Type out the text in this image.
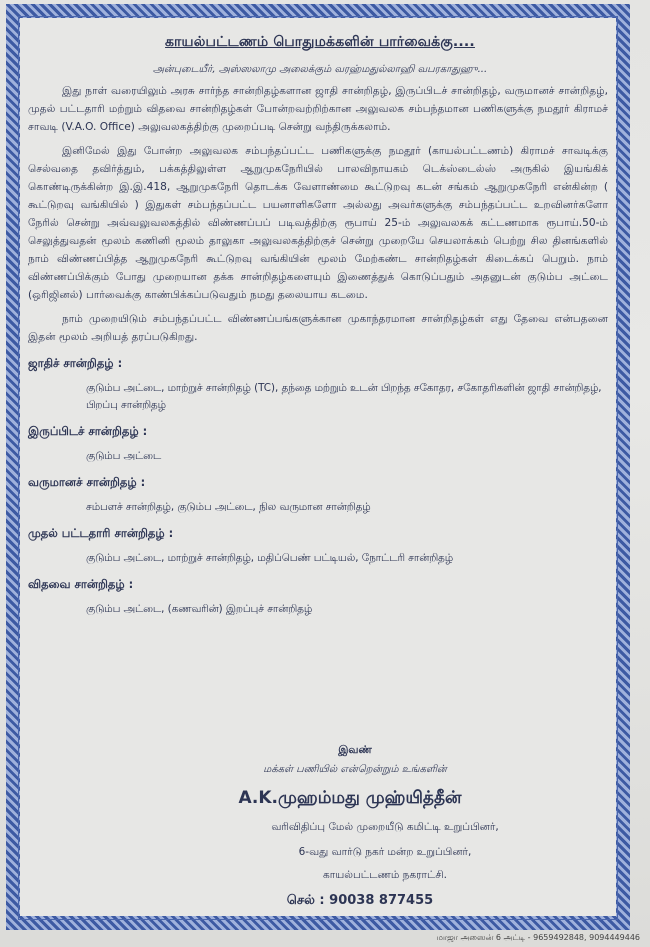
காயல்பட்டணம் பொதுமக்களின் பார்வைக்கு....
அன்புடையீர், அஸ்ஸலாமு அலைக்கும் வரஹ்மதுல்லாஹி வபரகாதுஹு...

இது நாள் வரையிலும் அரசு சார்ந்த சான்றிதழ்களான ஜாதி சான்றிதழ், இருப்பிடச் சான்றிதழ், வருமானச் சான்றிதழ், முதல் பட்டதாரி மற்றும் விதவை சான்றிதழ்கள் போன்றவற்றிற்கான அலுவலக சம்பந்தமான பணிகளுக்கு நமதூர் கிராமச் சாவடி (V.A.O. Office) அலுவலகத்திற்கு முறைப்படி சென்று வந்திருக்கலாம்.

இனிமேல் இது போன்ற அலுவலக சம்பந்தப்பட்ட பணிகளுக்கு நமதூர் (காயல்பட்டணம்) கிராமச் சாவடிக்கு செல்வதை தவிர்த்தும், பக்கத்திலுள்ள ஆறுமுகநேரியில் பாலவிநாயகம் டெக்ஸ்டைல்ஸ் அருகில் இயங்கிக் கொண்டிருக்கின்ற இ.இ.418, ஆறுமுகநேரி தொடக்க வேளாண்மை கூட்டுறவு கடன் சங்கம் ஆறுமுகநேரி என்கின்ற ( கூட்டுறவு வங்கியில் ) இதுகள் சம்பந்தப்பட்ட பயனாளிகளோ அல்லது அவர்களுக்கு சம்பந்தப்பட்ட உறவினர்களோ நேரில் சென்று அவ்வலுவலகத்தில் விண்ணப்பப் படிவத்திற்கு ரூபாய் 25-ம் அலுவலகக் கட்டணமாக ரூபாய்.50-ம் செலுத்துவதன் மூலம் கணினி மூலம் தாலுகா அலுவலகத்திற்குச் சென்று முறையே செயலாக்கம் பெற்று சில தினங்களில் நாம் விண்ணப்பித்த ஆறுமுகநேரி கூட்டுறவு வங்கியின் மூலம் மேற்கண்ட சான்றிதழ்கள் கிடைக்கப் பெறும். நாம் விண்ணப்பிக்கும் போது முறையான தக்க சான்றிதழ்களையும் இணைத்துக் கொடுப்பதும் அதனுடன் குடும்ப அட்டை (ஒரிஜினல்) பார்வைக்கு காண்பிக்கப்படுவதும் நமது தலையாய கடமை.

நாம் முறையிடும் சம்பந்தப்பட்ட விண்ணப்பங்களுக்கான முகாந்தரமான சான்றிதழ்கள் எது தேவை என்பதனை இதன் மூலம் அறியத் தரப்படுகிறது.

ஜாதிச் சான்றிதழ் :
குடும்ப அட்டை, மாற்றுச் சான்றிதழ் (TC), தந்தை மற்றும் உடன் பிறந்த சகோதர, சகோதரிகளின் ஜாதி சான்றிதழ், பிறப்பு சான்றிதழ்
இருப்பிடச் சான்றிதழ் :
குடும்ப அட்டை
வருமானச் சான்றிதழ் :
சம்பளச் சான்றிதழ், குடும்ப அட்டை, நில வருமான சான்றிதழ்
முதல் பட்டதாரி சான்றிதழ் :
குடும்ப அட்டை, மாற்றுச் சான்றிதழ், மதிப்பெண் பட்டியல், நோட்டரி சான்றிதழ்
விதவை சான்றிதழ் :
குடும்ப அட்டை, (கணவரின்) இறப்புச் சான்றிதழ்
இவண்
மக்கள் பணியில் என்றென்றும் உங்களின்
A.K.முஹம்மது முஹ்யித்தீன்
வரிவிதிப்பு மேல் முறையீடு கமிட்டி உறுப்பினர்,
6-வது வார்டு நகர் மன்ற உறுப்பினர்,
காயல்பட்டணம் நகராட்சி.
செல் : 90038 877455
மாஜா அஸைன் 6 அட்டி - 9659492848, 9094449446
